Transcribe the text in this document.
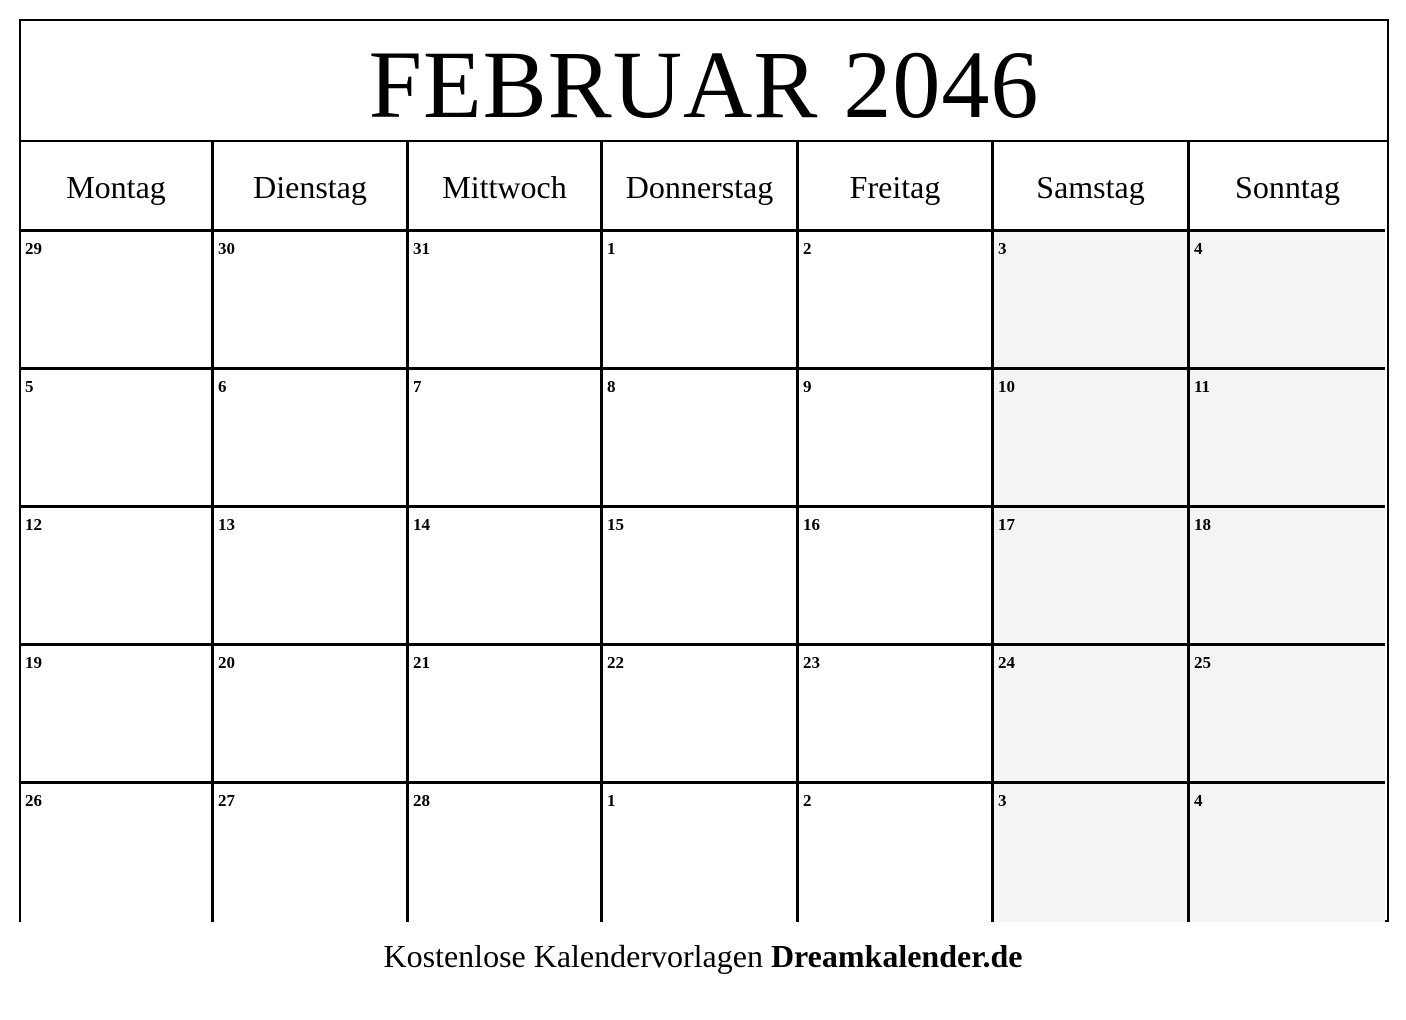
FEBRUAR 2046
Montag	Dienstag	Mittwoch	Donnerstag	Freitag	Samstag	Sonntag
29	30	31	1	2	3	4
5	6	7	8	9	10	11
12	13	14	15	16	17	18
19	20	21	22	23	24	25
26	27	28	1	2	3	4
Kostenlose Kalendervorlagen Dreamkalender.de
